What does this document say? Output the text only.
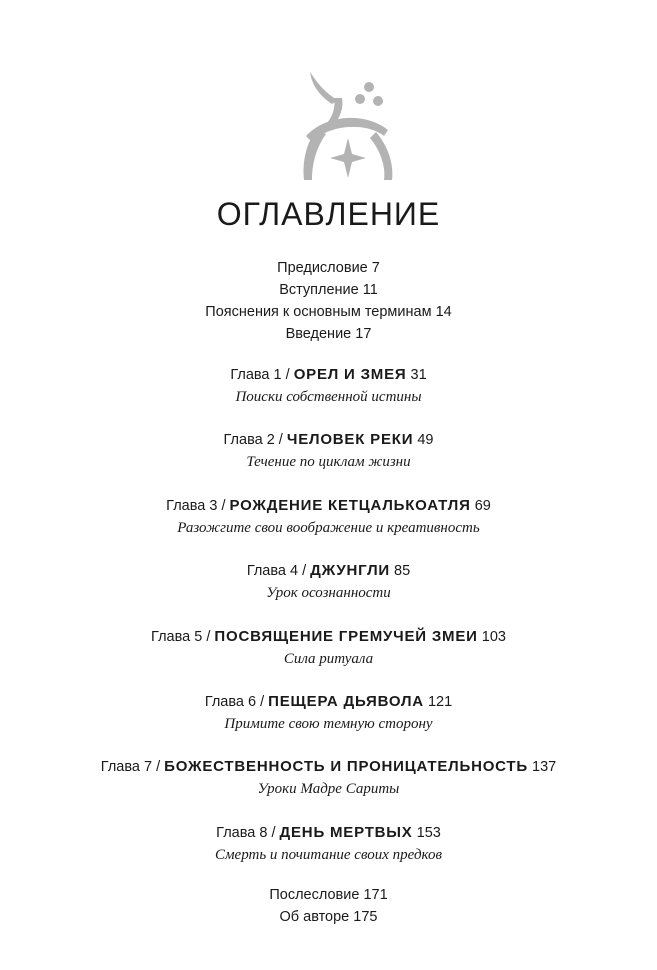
ОГЛАВЛЕНИЕ
Предисловие 7
Вступление 11
Пояснения к основным терминам 14
Введение 17
Глава 1 / ОРЕЛ И ЗМЕЯ 31
Поиски собственной истины
Глава 2 / ЧЕЛОВЕК РЕКИ 49
Течение по циклам жизни
Глава 3 / РОЖДЕНИЕ КЕТЦАЛЬКОАТЛЯ 69
Разожгите свои воображение и креативность
Глава 4 / ДЖУНГЛИ 85
Урок осознанности
Глава 5 / ПОСВЯЩЕНИЕ ГРЕМУЧЕЙ ЗМЕИ 103
Сила ритуала
Глава 6 / ПЕЩЕРА ДЬЯВОЛА 121
Примите свою темную сторону
Глава 7 / БОЖЕСТВЕННОСТЬ И ПРОНИЦАТЕЛЬНОСТЬ 137
Уроки Мадре Сариты
Глава 8 / ДЕНЬ МЕРТВЫХ 153
Смерть и почитание своих предков
Послесловие 171
Об авторе 175
